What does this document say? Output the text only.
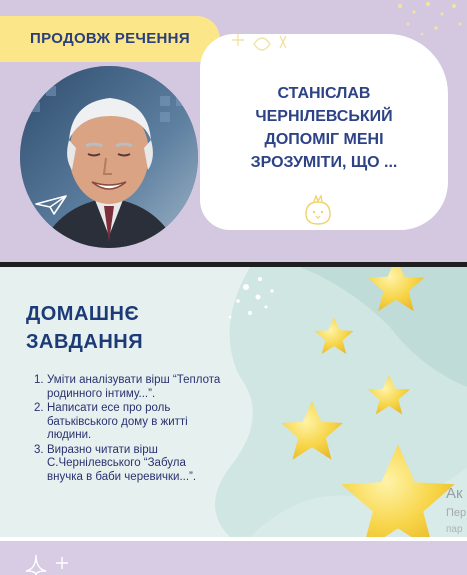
ПРОДОВЖ РЕЧЕННЯ
СТАНІСЛАВ
ЧЕРНІЛЕВСЬКИЙ
ДОПОМІГ МЕНІ
ЗРОЗУМІТИ, ЩО ...
ДОМАШНЄ
ЗАВДАННЯ
1. Уміти аналізувати вірш “Теплота родинного інтиму...”.
2. Написати есе про роль батьківського дому в житті людини.
3. Виразно читати вірш С.Чернілевського “Забула внучка в баби черевички...”.
Ак
Пер
пар
